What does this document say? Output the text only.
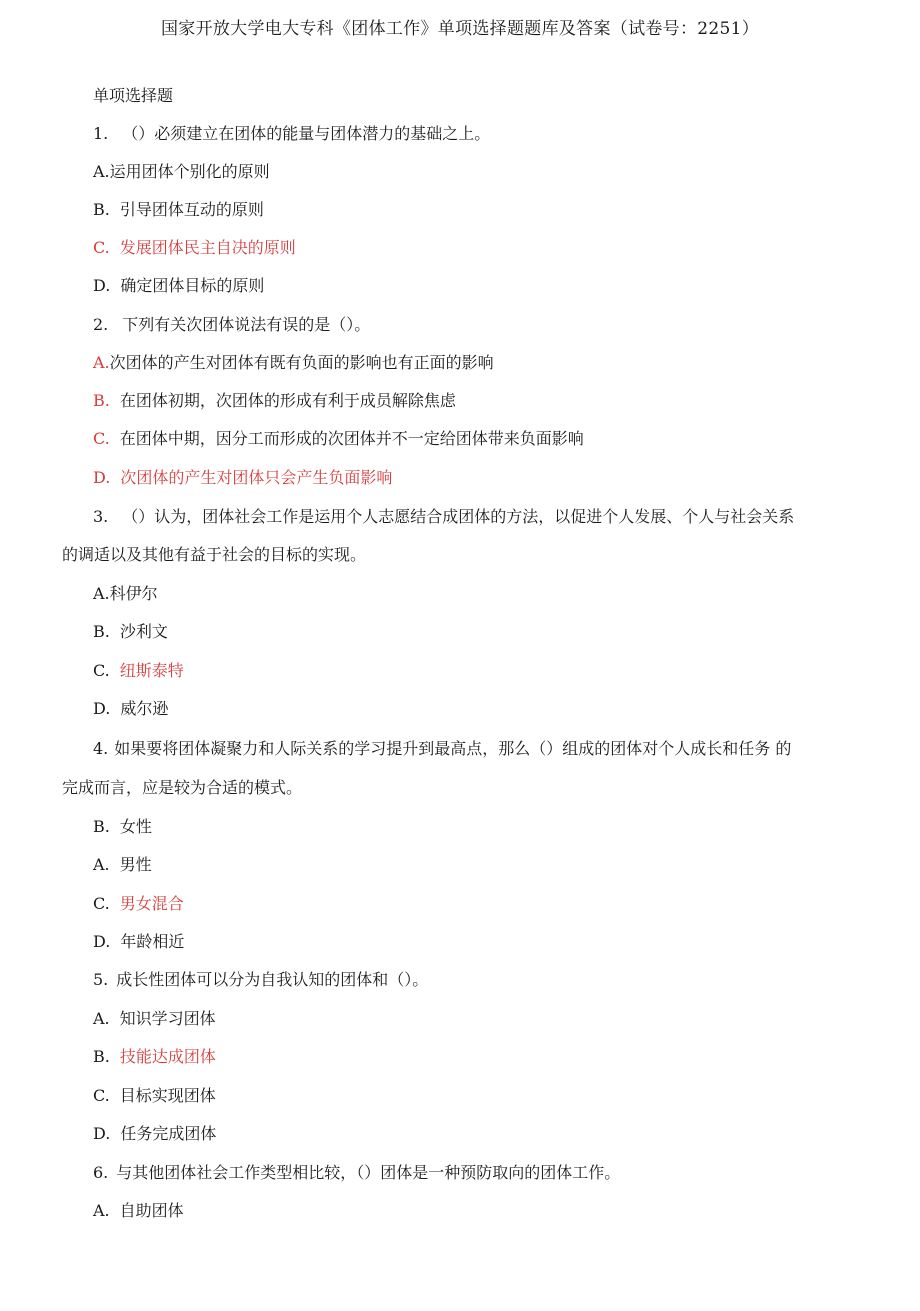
国家开放大学电大专科《团体工作》单项选择题题库及答案（试卷号：2251）
单项选择题
1. （）必须建立在团体的能量与团体潜力的基础之上。
A.运用团体个别化的原则
B. 引导团体互动的原则
C. 发展团体民主自决的原则
D. 确定团体目标的原则
2. 下列有关次团体说法有误的是（）。
A.次团体的产生对团体有既有负面的影响也有正面的影响
B. 在团体初期，次团体的形成有利于成员解除焦虑
C. 在团体中期，因分工而形成的次团体并不一定给团体带来负面影响
D. 次团体的产生对团体只会产生负面影响
3. （）认为，团体社会工作是运用个人志愿结合成团体的方法，以促进个人发展、个人与社会关系
的调适以及其他有益于社会的目标的实现。
A.科伊尔
B. 沙利文
C. 纽斯泰特
D. 威尔逊
4. 如果要将团体凝聚力和人际关系的学习提升到最高点，那么（）组成的团体对个人成长和任务 的
完成而言，应是较为合适的模式。
B. 女性
A. 男性
C. 男女混合
D. 年龄相近
5. 成长性团体可以分为自我认知的团体和（）。
A. 知识学习团体
B. 技能达成团体
C. 目标实现团体
D. 任务完成团体
6. 与其他团体社会工作类型相比较，（）团体是一种预防取向的团体工作。
A. 自助团体
